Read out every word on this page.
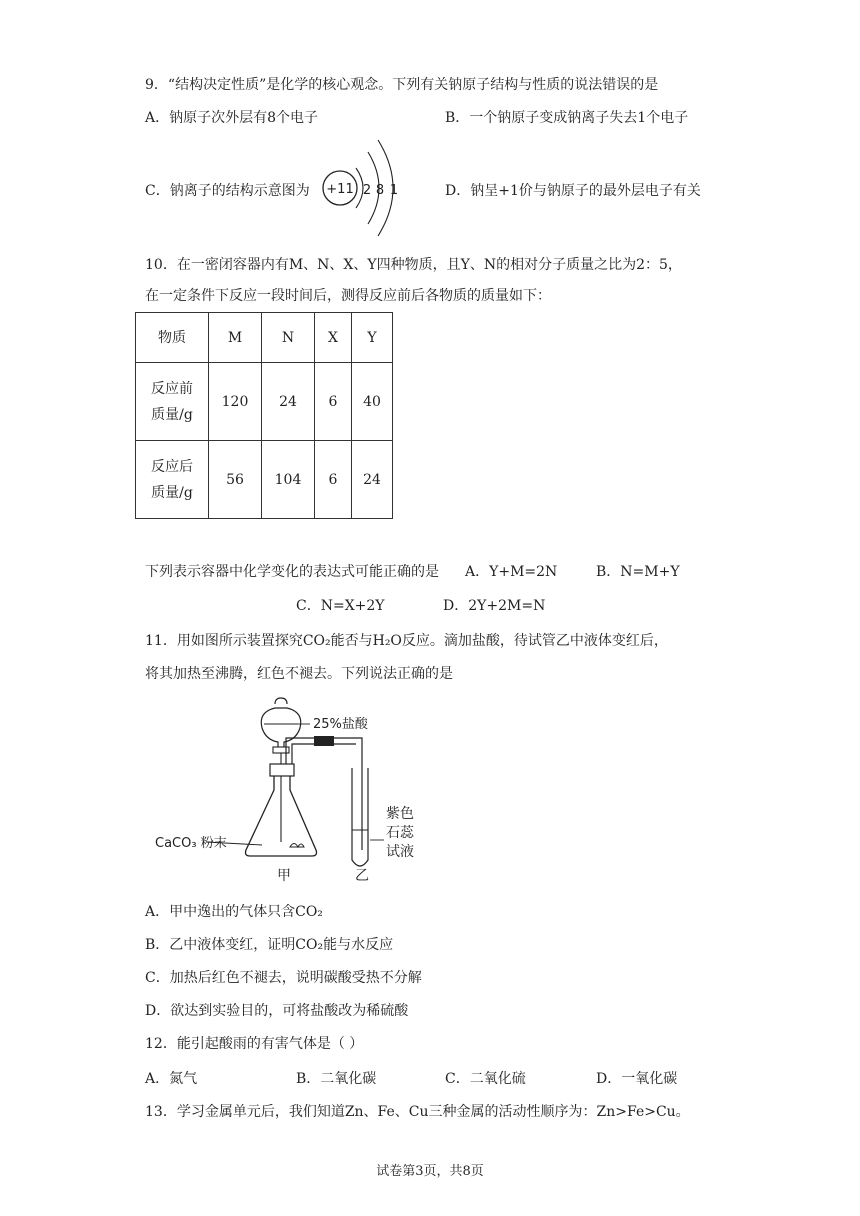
9．“结构决定性质”是化学的核心观念。下列有关钠原子结构与性质的说法错误的是
A．钠原子次外层有8个电子	B．一个钠原子变成钠离子失去1个电子
C．钠离子的结构示意图为	D．钠呈+1价与钠原子的最外层电子有关
+11 2 8 1
10．在一密闭容器内有M、N、X、Y四种物质，且Y、N的相对分子质量之比为2：5，
在一定条件下反应一段时间后，测得反应前后各物质的质量如下：
物质	M	N	X	Y

反应前
质量/g	120	24	6	40

反应后
质量/g	56	104	6	24
下列表示容器中化学变化的表达式可能正确的是 A．Y+M=2N	B．N=M+Y
C．N=X+2Y	D．2Y+2M=N
11．用如图所示装置探究CO₂能否与H₂O反应。滴加盐酸，待试管乙中液体变红后，
将其加热至沸腾，红色不褪去。下列说法正确的是
25%盐酸
CaCO₃ 粉末
甲
紫色
石蕊
试液
乙
A．甲中逸出的气体只含CO₂
B．乙中液体变红，证明CO₂能与水反应
C．加热后红色不褪去，说明碳酸受热不分解
D．欲达到实验目的，可将盐酸改为稀硫酸
12．能引起酸雨的有害气体是（ ）
A．氮气	B．二氧化碳	C．二氧化硫	D．一氧化碳
13．学习金属单元后，我们知道Zn、Fe、Cu三种金属的活动性顺序为：Zn>Fe>Cu。
试卷第3页，共8页
